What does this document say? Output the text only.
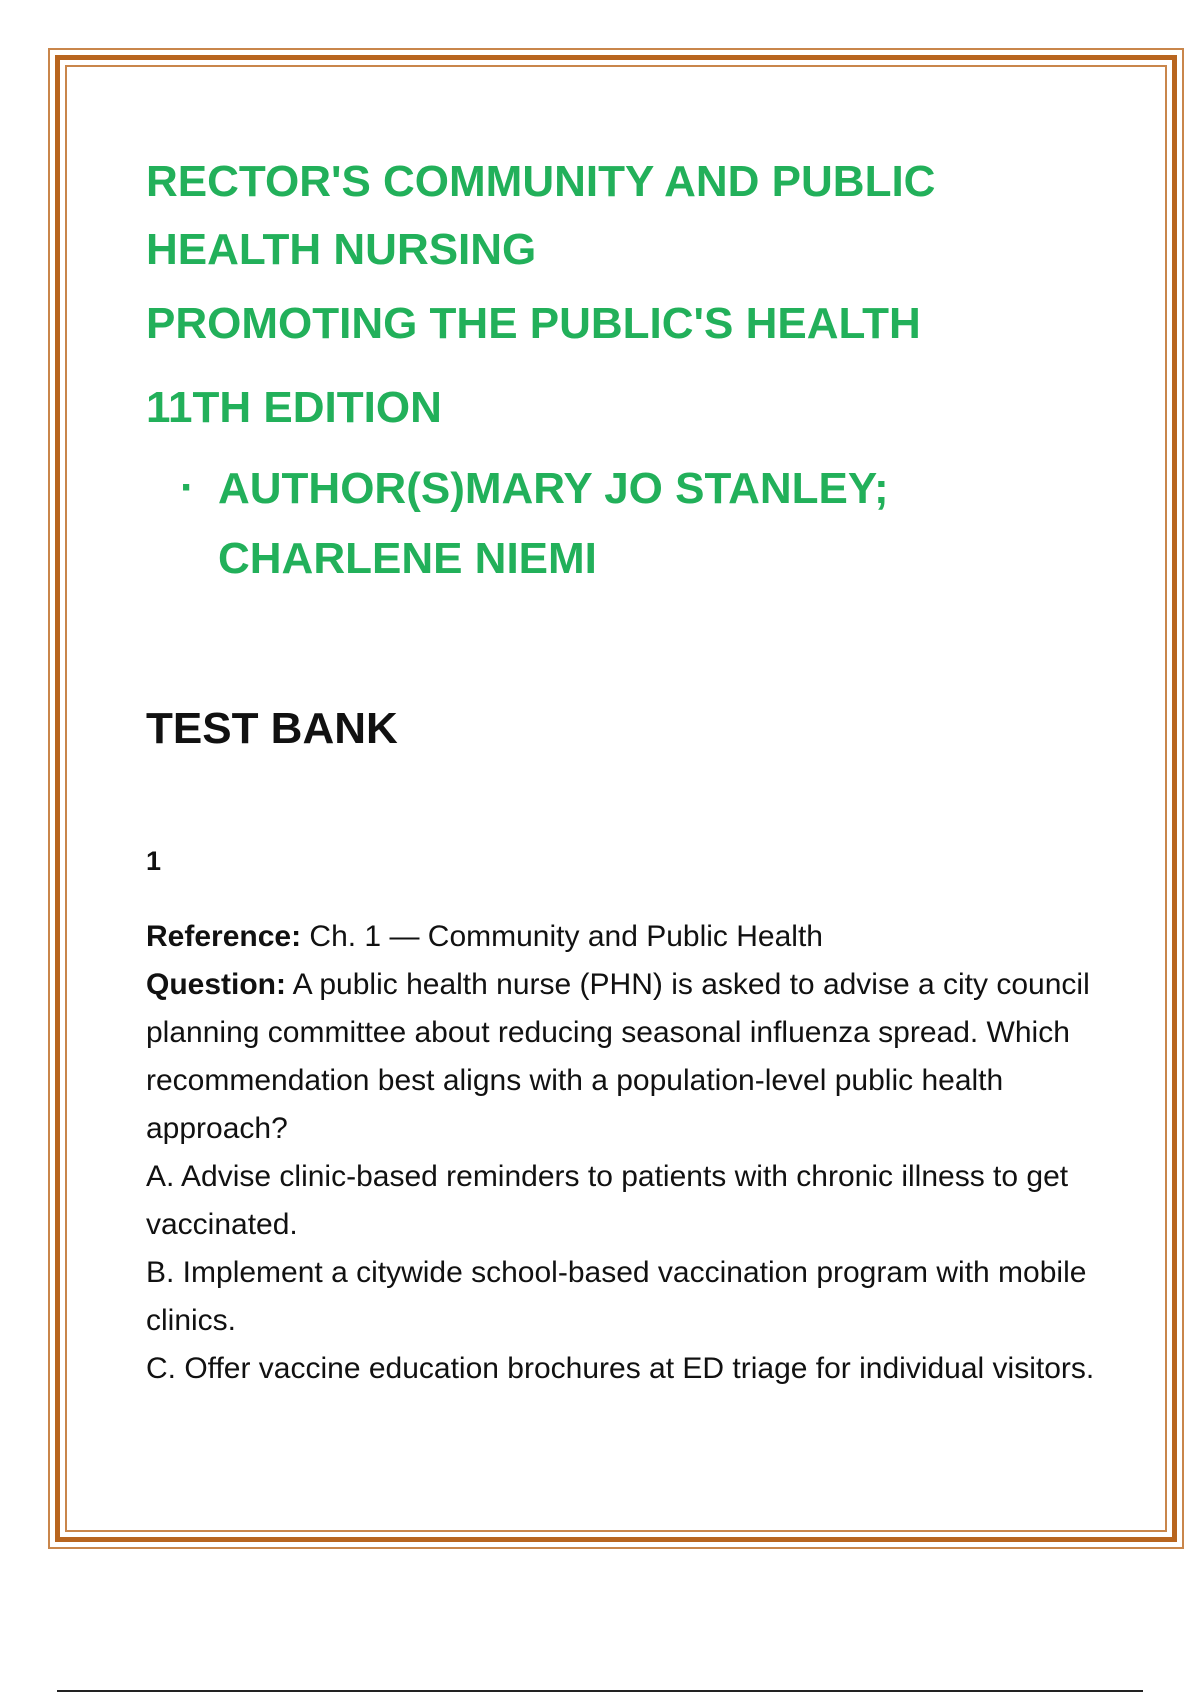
RECTOR'S COMMUNITY AND PUBLIC
HEALTH NURSING
PROMOTING THE PUBLIC'S HEALTH
11TH EDITION
· AUTHOR(S)MARY JO STANLEY;
CHARLENE NIEMI
TEST BANK
1

Reference: Ch. 1 — Community and Public Health

Question: A public health nurse (PHN) is asked to advise a city council planning committee about reducing seasonal influenza spread. Which recommendation best aligns with a population-level public health approach?

A. Advise clinic-based reminders to patients with chronic illness to get vaccinated.

B. Implement a citywide school-based vaccination program with mobile clinics.

C. Offer vaccine education brochures at ED triage for individual visitors.
